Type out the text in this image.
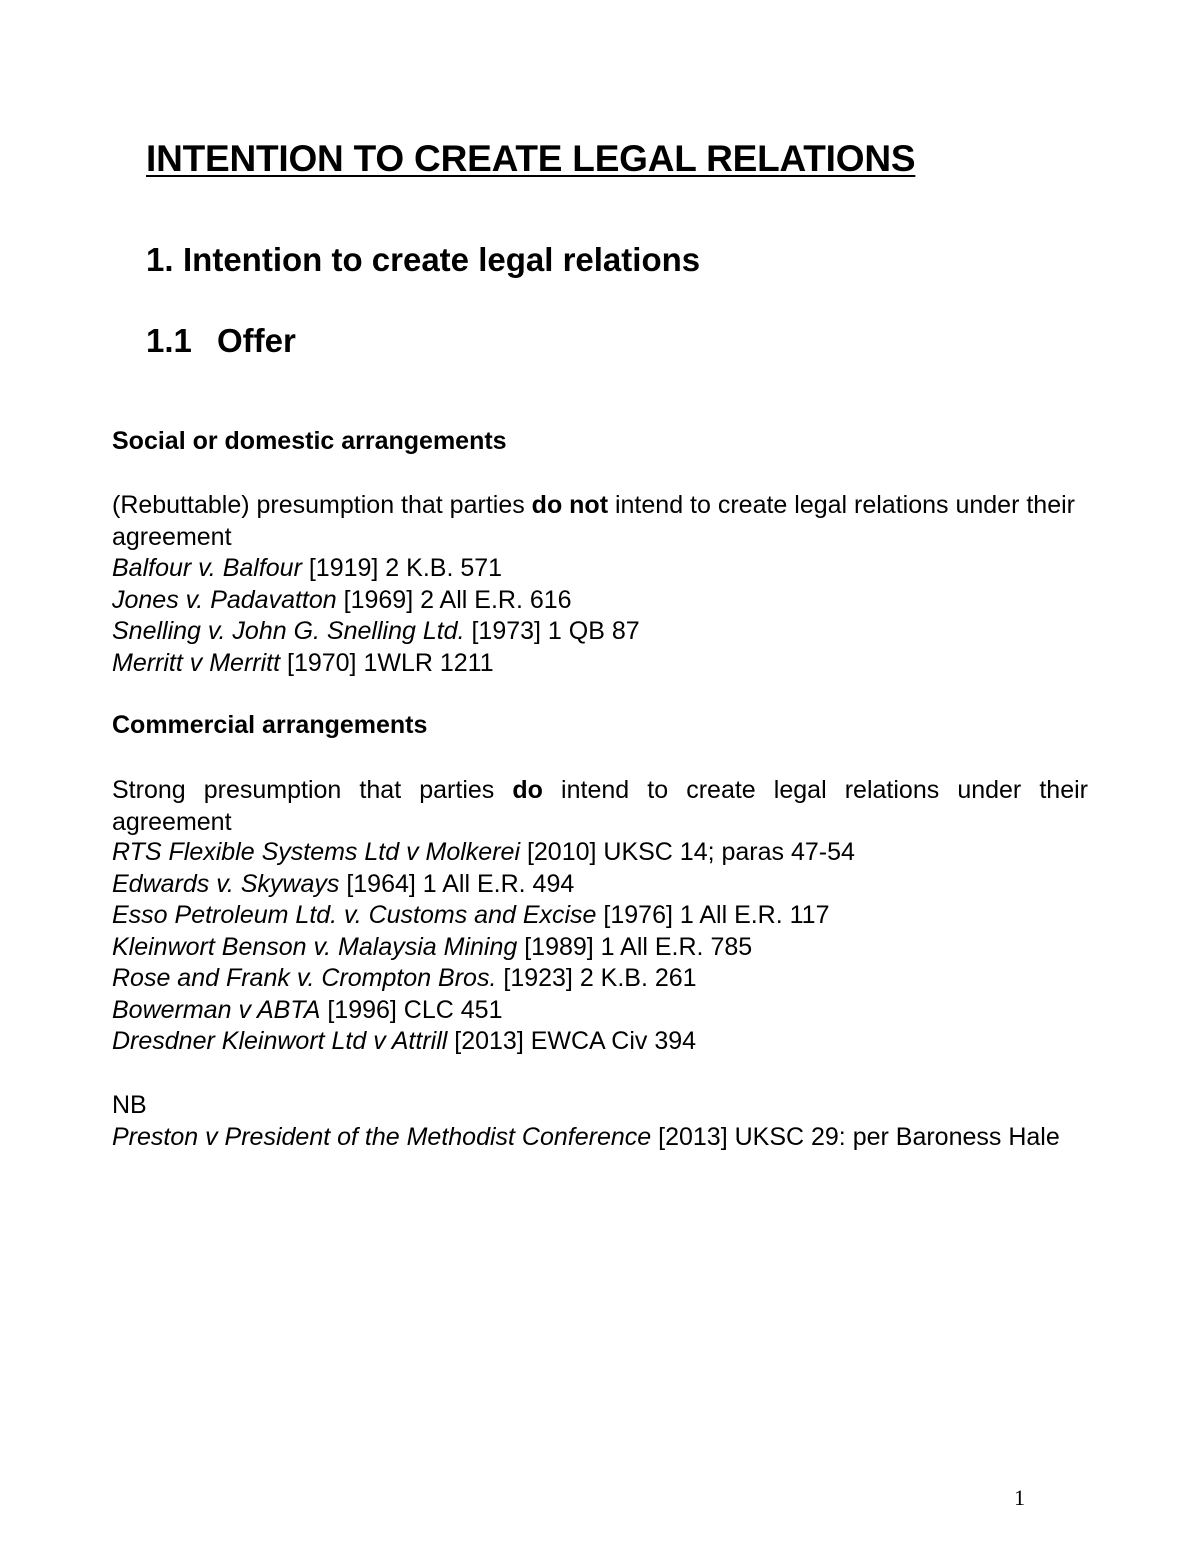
INTENTION TO CREATE LEGAL RELATIONS
1. Intention to create legal relations
1.1 Offer
Social or domestic arrangements

(Rebuttable) presumption that parties do not intend to create legal relations under their agreement

Balfour v. Balfour [1919] 2 K.B. 571
Jones v. Padavatton [1969] 2 All E.R. 616
Snelling v. John G. Snelling Ltd. [1973] 1 QB 87
Merritt v Merritt [1970] 1WLR 1211
Commercial arrangements

Strong presumption that parties do intend to create legal relations under their agreement

RTS Flexible Systems Ltd v Molkerei [2010] UKSC 14; paras 47-54
Edwards v. Skyways [1964] 1 All E.R. 494
Esso Petroleum Ltd. v. Customs and Excise [1976] 1 All E.R. 117
Kleinwort Benson v. Malaysia Mining [1989] 1 All E.R. 785
Rose and Frank v. Crompton Bros. [1923] 2 K.B. 261
Bowerman v ABTA [1996] CLC 451
Dresdner Kleinwort Ltd v Attrill [2013] EWCA Civ 394

NB

Preston v President of the Methodist Conference [2013] UKSC 29: per Baroness Hale

1
